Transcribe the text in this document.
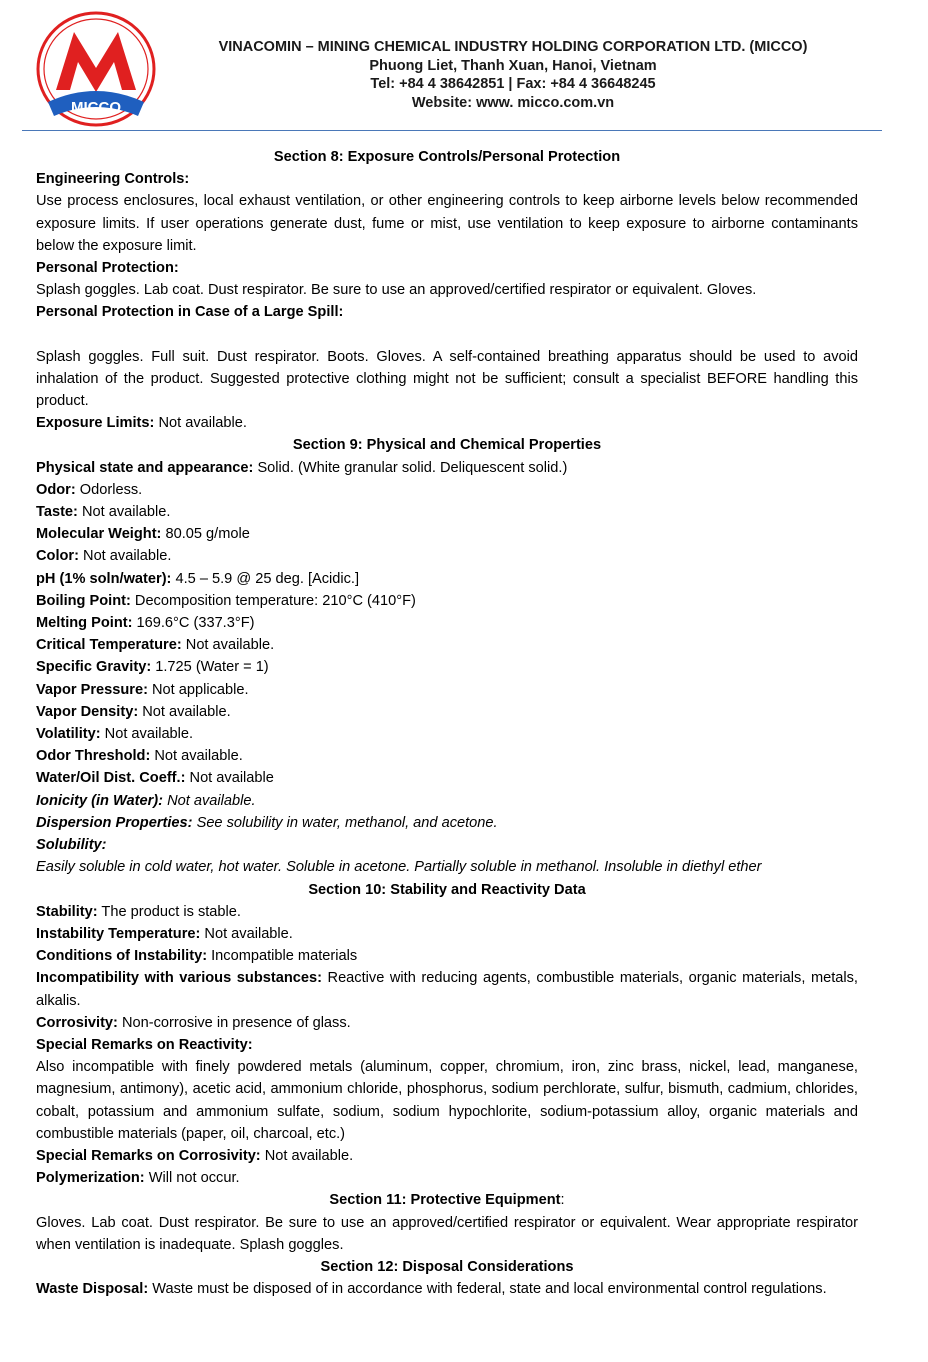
MICCO
VINACOMIN – MINING CHEMICAL INDUSTRY HOLDING CORPORATION LTD. (MICCO)
Phuong Liet, Thanh Xuan, Hanoi, Vietnam
Tel: +84 4 38642851 | Fax: +84 4 36648245
Website: www. micco.com.vn
Section 8: Exposure Controls/Personal Protection
Engineering Controls:
Use process enclosures, local exhaust ventilation, or other engineering controls to keep airborne levels below recommended exposure limits. If user operations generate dust, fume or mist, use ventilation to keep exposure to airborne contaminants below the exposure limit.
Personal Protection:
Splash goggles. Lab coat. Dust respirator. Be sure to use an approved/certified respirator or equivalent. Gloves.
Personal Protection in Case of a Large Spill:
Splash goggles. Full suit. Dust respirator. Boots. Gloves. A self-contained breathing apparatus should be used to avoid inhalation of the product. Suggested protective clothing might not be sufficient; consult a specialist BEFORE handling this product.
Exposure Limits: Not available.
Section 9: Physical and Chemical Properties
Physical state and appearance: Solid. (White granular solid. Deliquescent solid.)
Odor: Odorless.
Taste: Not available.
Molecular Weight: 80.05 g/mole
Color: Not available.
pH (1% soln/water): 4.5 – 5.9 @ 25 deg. [Acidic.]
Boiling Point: Decomposition temperature: 210°C (410°F)
Melting Point: 169.6°C (337.3°F)
Critical Temperature: Not available.
Specific Gravity: 1.725 (Water = 1)
Vapor Pressure: Not applicable.
Vapor Density: Not available.
Volatility: Not available.
Odor Threshold: Not available.
Water/Oil Dist. Coeff.: Not available
Ionicity (in Water): Not available.
Dispersion Properties: See solubility in water, methanol, and acetone.
Solubility:
Easily soluble in cold water, hot water. Soluble in acetone. Partially soluble in methanol. Insoluble in diethyl ether
Section 10: Stability and Reactivity Data
Stability: The product is stable.
Instability Temperature: Not available.
Conditions of Instability: Incompatible materials
Incompatibility with various substances: Reactive with reducing agents, combustible materials, organic materials, metals, alkalis.
Corrosivity: Non-corrosive in presence of glass.
Special Remarks on Reactivity:
Also incompatible with finely powdered metals (aluminum, copper, chromium, iron, zinc brass, nickel, lead, manganese, magnesium, antimony), acetic acid, ammonium chloride, phosphorus, sodium perchlorate, sulfur, bismuth, cadmium, chlorides, cobalt, potassium and ammonium sulfate, sodium, sodium hypochlorite, sodium-potassium alloy, organic materials and combustible materials (paper, oil, charcoal, etc.)
Special Remarks on Corrosivity: Not available.
Polymerization: Will not occur.
Section 11: Protective Equipment:
Gloves. Lab coat. Dust respirator. Be sure to use an approved/certified respirator or equivalent. Wear appropriate respirator when ventilation is inadequate. Splash goggles.
Section 12: Disposal Considerations
Waste Disposal: Waste must be disposed of in accordance with federal, state and local environmental control regulations.
